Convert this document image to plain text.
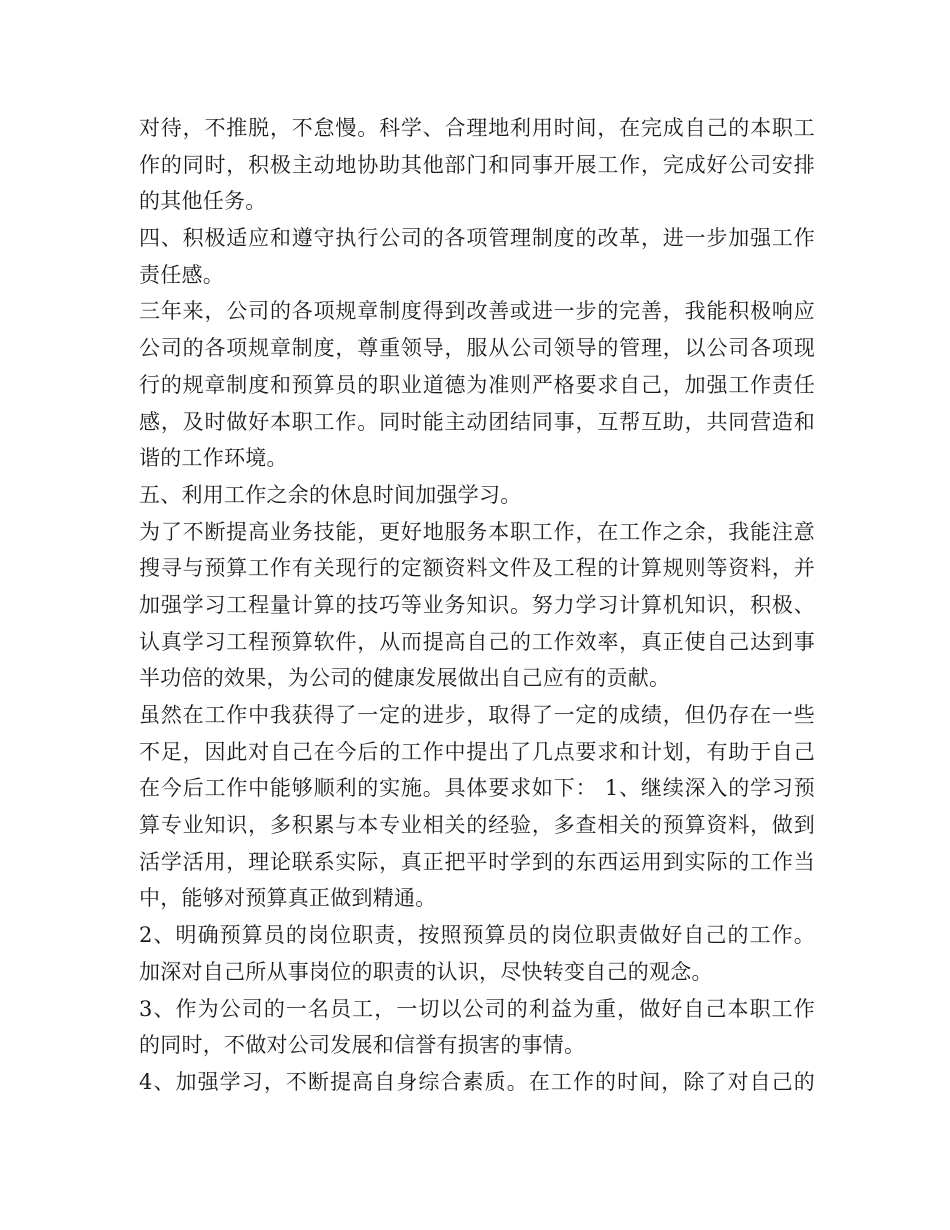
对待，不推脱，不怠慢。科学、合理地利用时间，在完成自己的本职工
作的同时，积极主动地协助其他部门和同事开展工作，完成好公司安排
的其他任务。
四、积极适应和遵守执行公司的各项管理制度的改革，进一步加强工作
责任感。
三年来，公司的各项规章制度得到改善或进一步的完善，我能积极响应
公司的各项规章制度，尊重领导，服从公司领导的管理，以公司各项现
行的规章制度和预算员的职业道德为准则严格要求自己，加强工作责任
感，及时做好本职工作。同时能主动团结同事，互帮互助，共同营造和
谐的工作环境。
五、利用工作之余的休息时间加强学习。
为了不断提高业务技能，更好地服务本职工作，在工作之余，我能注意
搜寻与预算工作有关现行的定额资料文件及工程的计算规则等资料，并
加强学习工程量计算的技巧等业务知识。努力学习计算机知识，积极、
认真学习工程预算软件，从而提高自己的工作效率，真正使自己达到事
半功倍的效果，为公司的健康发展做出自己应有的贡献。
虽然在工作中我获得了一定的进步，取得了一定的成绩，但仍存在一些
不足，因此对自己在今后的工作中提出了几点要求和计划，有助于自己
在今后工作中能够顺利的实施。具体要求如下： 1、继续深入的学习预
算专业知识，多积累与本专业相关的经验，多查相关的预算资料，做到
活学活用，理论联系实际，真正把平时学到的东西运用到实际的工作当
中，能够对预算真正做到精通。
2、明确预算员的岗位职责，按照预算员的岗位职责做好自己的工作。
加深对自己所从事岗位的职责的认识，尽快转变自己的观念。
3、作为公司的一名员工，一切以公司的利益为重，做好自己本职工作
的同时，不做对公司发展和信誉有损害的事情。
4、加强学习，不断提高自身综合素质。在工作的时间，除了对自己的
